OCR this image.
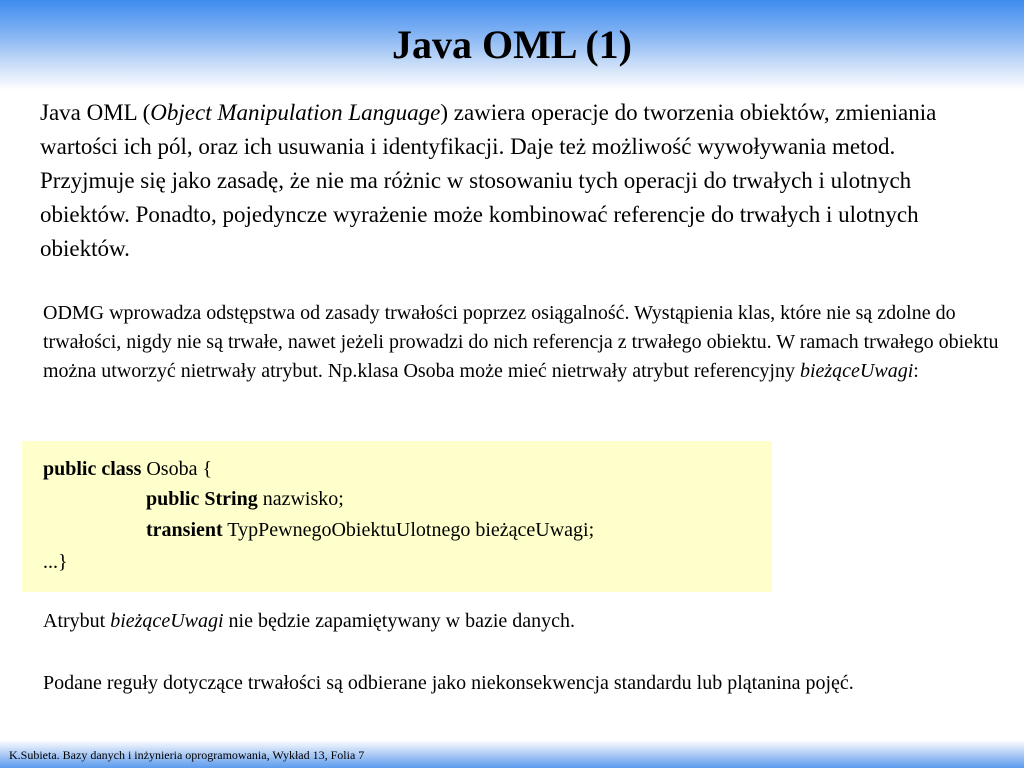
Java OML (1)

Java OML (Object Manipulation Language) zawiera operacje do tworzenia obiektów, zmieniania wartości ich pól, oraz ich usuwania i identyfikacji. Daje też możliwość wywoływania metod. Przyjmuje się jako zasadę, że nie ma różnic w stosowaniu tych operacji do trwałych i ulotnych obiektów. Ponadto, pojedyncze wyrażenie może kombinować referencje do trwałych i ulotnych obiektów.

ODMG wprowadza odstępstwa od zasady trwałości poprzez osiągalność. Wystąpienia klas, które nie są zdolne do trwałości, nigdy nie są trwałe, nawet jeżeli prowadzi do nich referencja z trwałego obiektu. W ramach trwałego obiektu można utworzyć nietrwały atrybut. Np.klasa Osoba może mieć nietrwały atrybut referencyjny bieżąceUwagi:

public class Osoba {
public String nazwisko;
transient TypPewnegoObiektuUlotnego bieżąceUwagi;
...}

Atrybut bieżąceUwagi nie będzie zapamiętywany w bazie danych.

Podane reguły dotyczące trwałości są odbierane jako niekonsekwencja standardu lub plątanina pojęć.

K.Subieta. Bazy danych i inżynieria oprogramowania, Wykład 13, Folia 7
